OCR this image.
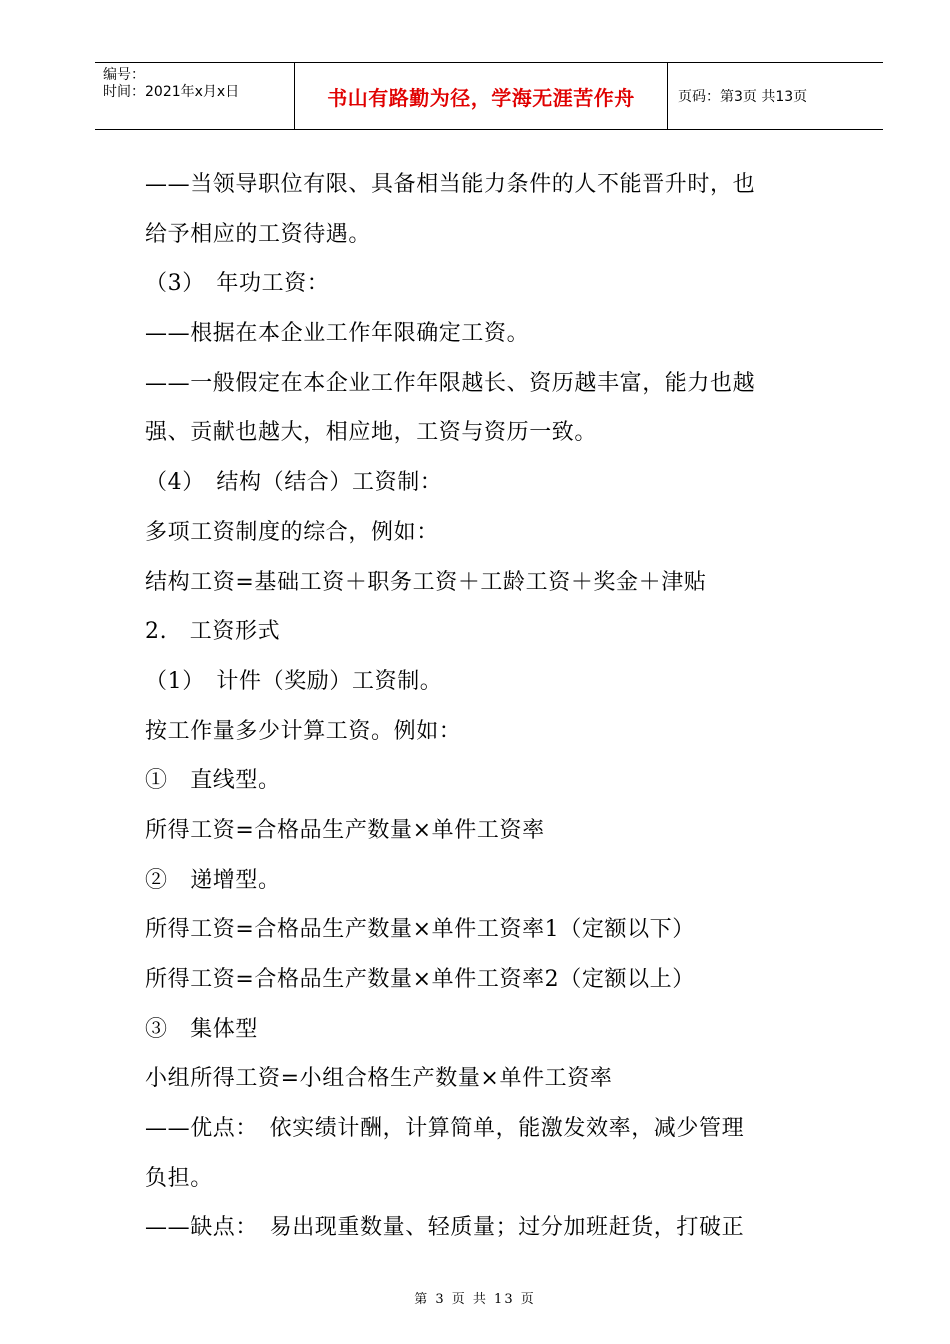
编号：
时间：2021年x月x日	书山有路勤为径，学海无涯苦作舟	页码：第3页 共13页
——当领导职位有限、具备相当能力条件的人不能晋升时，也
给予相应的工资待遇。
（3）　年功工资：
——根据在本企业工作年限确定工资。
——一般假定在本企业工作年限越长、资历越丰富，能力也越
强、贡献也越大，相应地，工资与资历一致。
（4）　结构（结合）工资制：
多项工资制度的综合，例如：
结构工资=基础工资＋职务工资＋工龄工资＋奖金＋津贴
2.　工资形式
（1）　计件（奖励）工资制。
按工作量多少计算工资。例如：
①　直线型。
所得工资=合格品生产数量×单件工资率
②　递增型。
所得工资=合格品生产数量×单件工资率1（定额以下）
所得工资=合格品生产数量×单件工资率2（定额以上）
③　集体型
小组所得工资=小组合格生产数量×单件工资率
——优点：　依实绩计酬，计算简单，能激发效率，减少管理
负担。
——缺点：　易出现重数量、轻质量；过分加班赶货，打破正
第 3 页 共 13 页
